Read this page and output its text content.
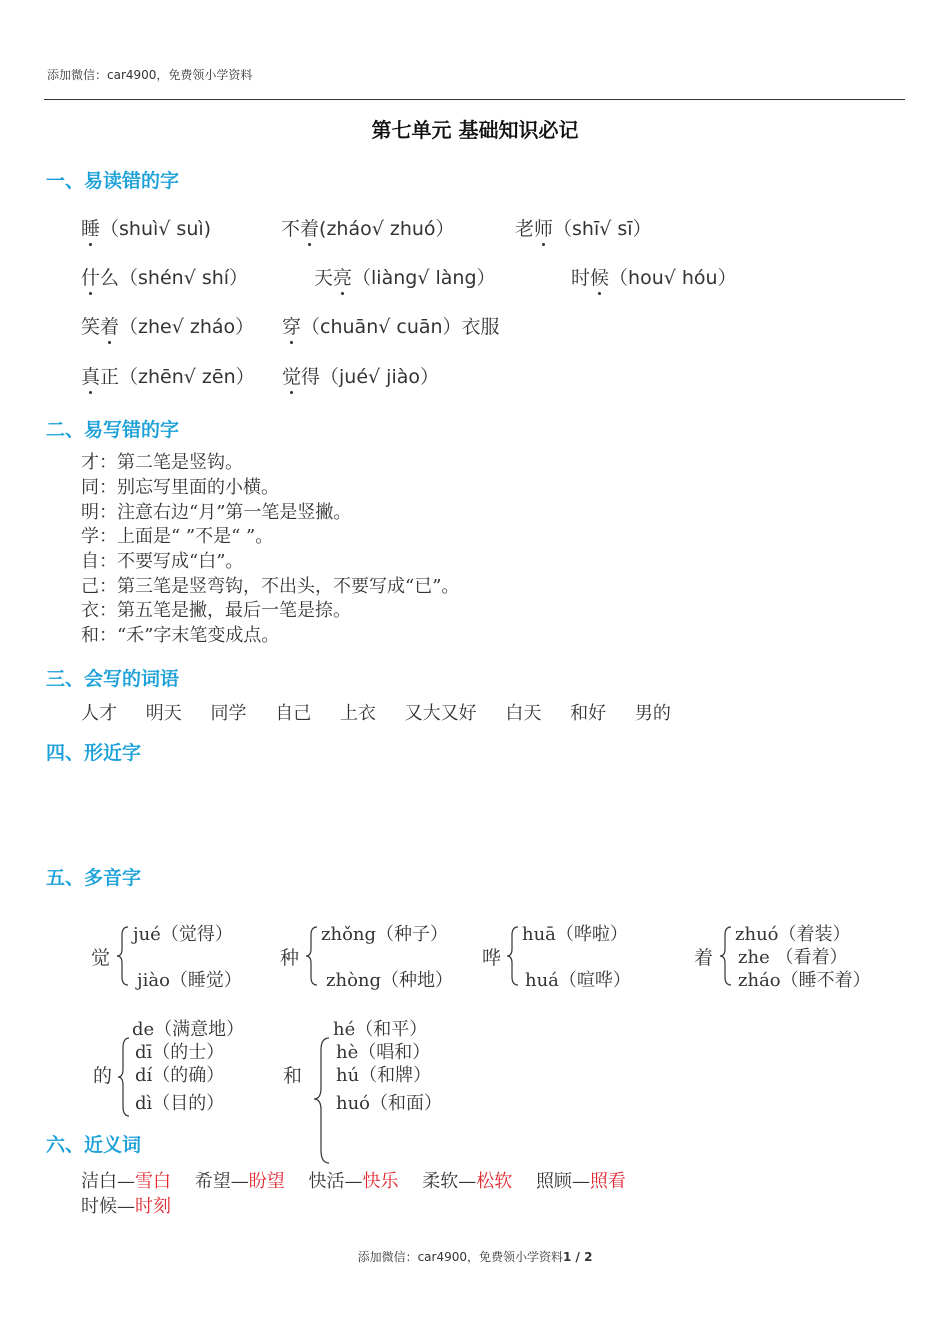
添加微信：car4900，免费领小学资料
第七单元 基础知识必记
一、易读错的字
睡（shuì√ suì)	不着(zháo√ zhuó）	老师（shī√ sī）
什么（shén√ shí）	天亮（liàng√ làng）	时候（hou√ hóu）
笑着（zhe√ zháo） 穿（chuān√ cuān）衣服
真正（zhēn√ zēn） 觉得（jué√ jiào）
二、易写错的字
才：第二笔是竖钩。
同：别忘写里面的小横。
明：注意右边“月”第一笔是竖撇。
学：上面是“ ”不是“ ”。
自：不要写成“白”。
己：第三笔是竖弯钩，不出头，不要写成“已”。
衣：第五笔是撇，最后一笔是捺。
和：“禾”字末笔变成点。
三、会写的词语
人才 明天 同学 自己 上衣 又大又好 白天 和好 男的
四、形近字
五、多音字
觉
jué（觉得）
jiào（睡觉）
种
zhǒng（种子）
zhòng（种地）
哗
huā（哗啦）
huá（喧哗）
着
zhuó（着装）
zhe （看着）
zháo（睡不着）
的
de（满意地）
dī（的士）
dí（的确）
dì（目的）
和
hé（和平）
hè（唱和）
hú（和牌）
huó（和面）
六、近义词
洁白—雪白 希望—盼望 快活—快乐 柔软—松软 照顾—照看
时候—时刻
添加微信：car4900，免费领小学资料1 / 2
